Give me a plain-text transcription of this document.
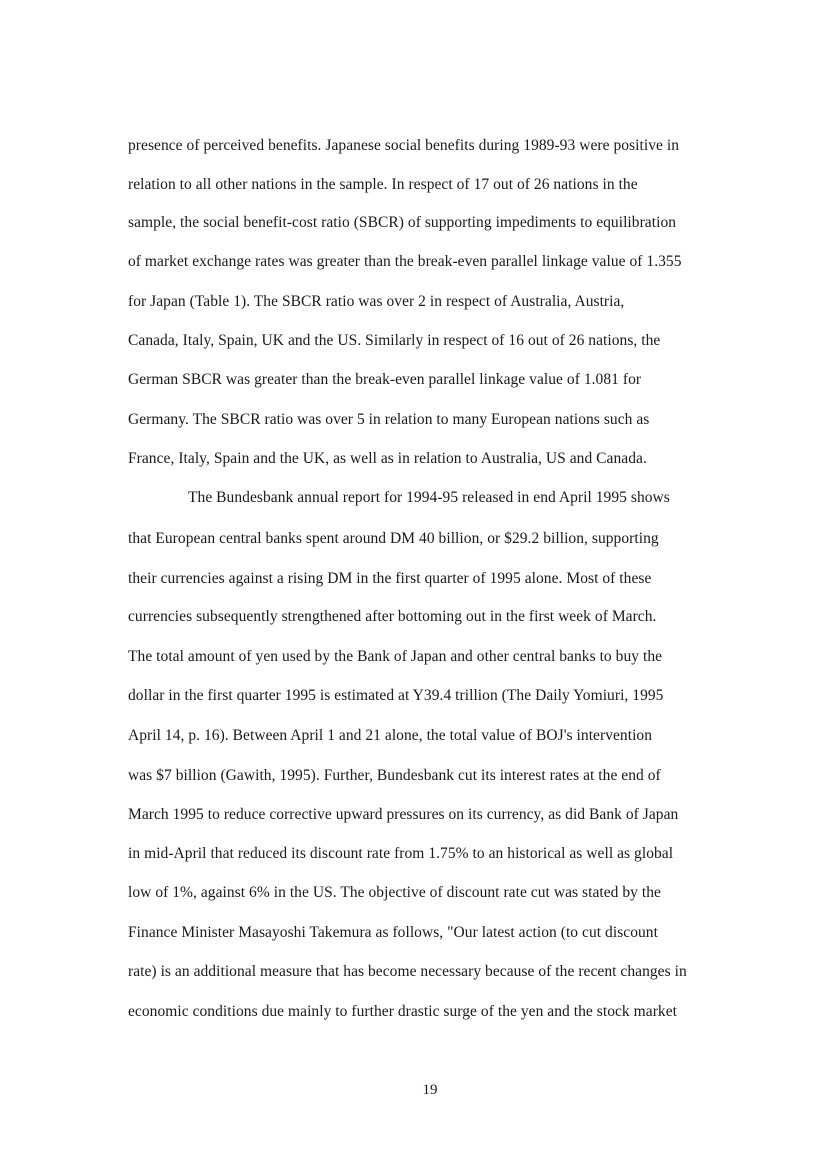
presence of perceived benefits. Japanese social benefits during 1989-93 were positive in
relation to all other nations in the sample. In respect of 17 out of 26 nations in the
sample, the social benefit-cost ratio (SBCR) of supporting impediments to equilibration
of market exchange rates was greater than the break-even parallel linkage value of 1.355
for Japan (Table 1). The SBCR ratio was over 2 in respect of Australia, Austria,
Canada, Italy, Spain, UK and the US. Similarly in respect of 16 out of 26 nations, the
German SBCR was greater than the break-even parallel linkage value of 1.081 for
Germany. The SBCR ratio was over 5 in relation to many European nations such as
France, Italy, Spain and the UK, as well as in relation to Australia, US and Canada.
The Bundesbank annual report for 1994-95 released in end April 1995 shows
that European central banks spent around DM 40 billion, or $29.2 billion, supporting
their currencies against a rising DM in the first quarter of 1995 alone. Most of these
currencies subsequently strengthened after bottoming out in the first week of March.
The total amount of yen used by the Bank of Japan and other central banks to buy the
dollar in the first quarter 1995 is estimated at Y39.4 trillion (The Daily Yomiuri, 1995
April 14, p. 16). Between April 1 and 21 alone, the total value of BOJ's intervention
was $7 billion (Gawith, 1995). Further, Bundesbank cut its interest rates at the end of
March 1995 to reduce corrective upward pressures on its currency, as did Bank of Japan
in mid-April that reduced its discount rate from 1.75% to an historical as well as global
low of 1%, against 6% in the US. The objective of discount rate cut was stated by the
Finance Minister Masayoshi Takemura as follows, "Our latest action (to cut discount
rate) is an additional measure that has become necessary because of the recent changes in
economic conditions due mainly to further drastic surge of the yen and the stock market
19
